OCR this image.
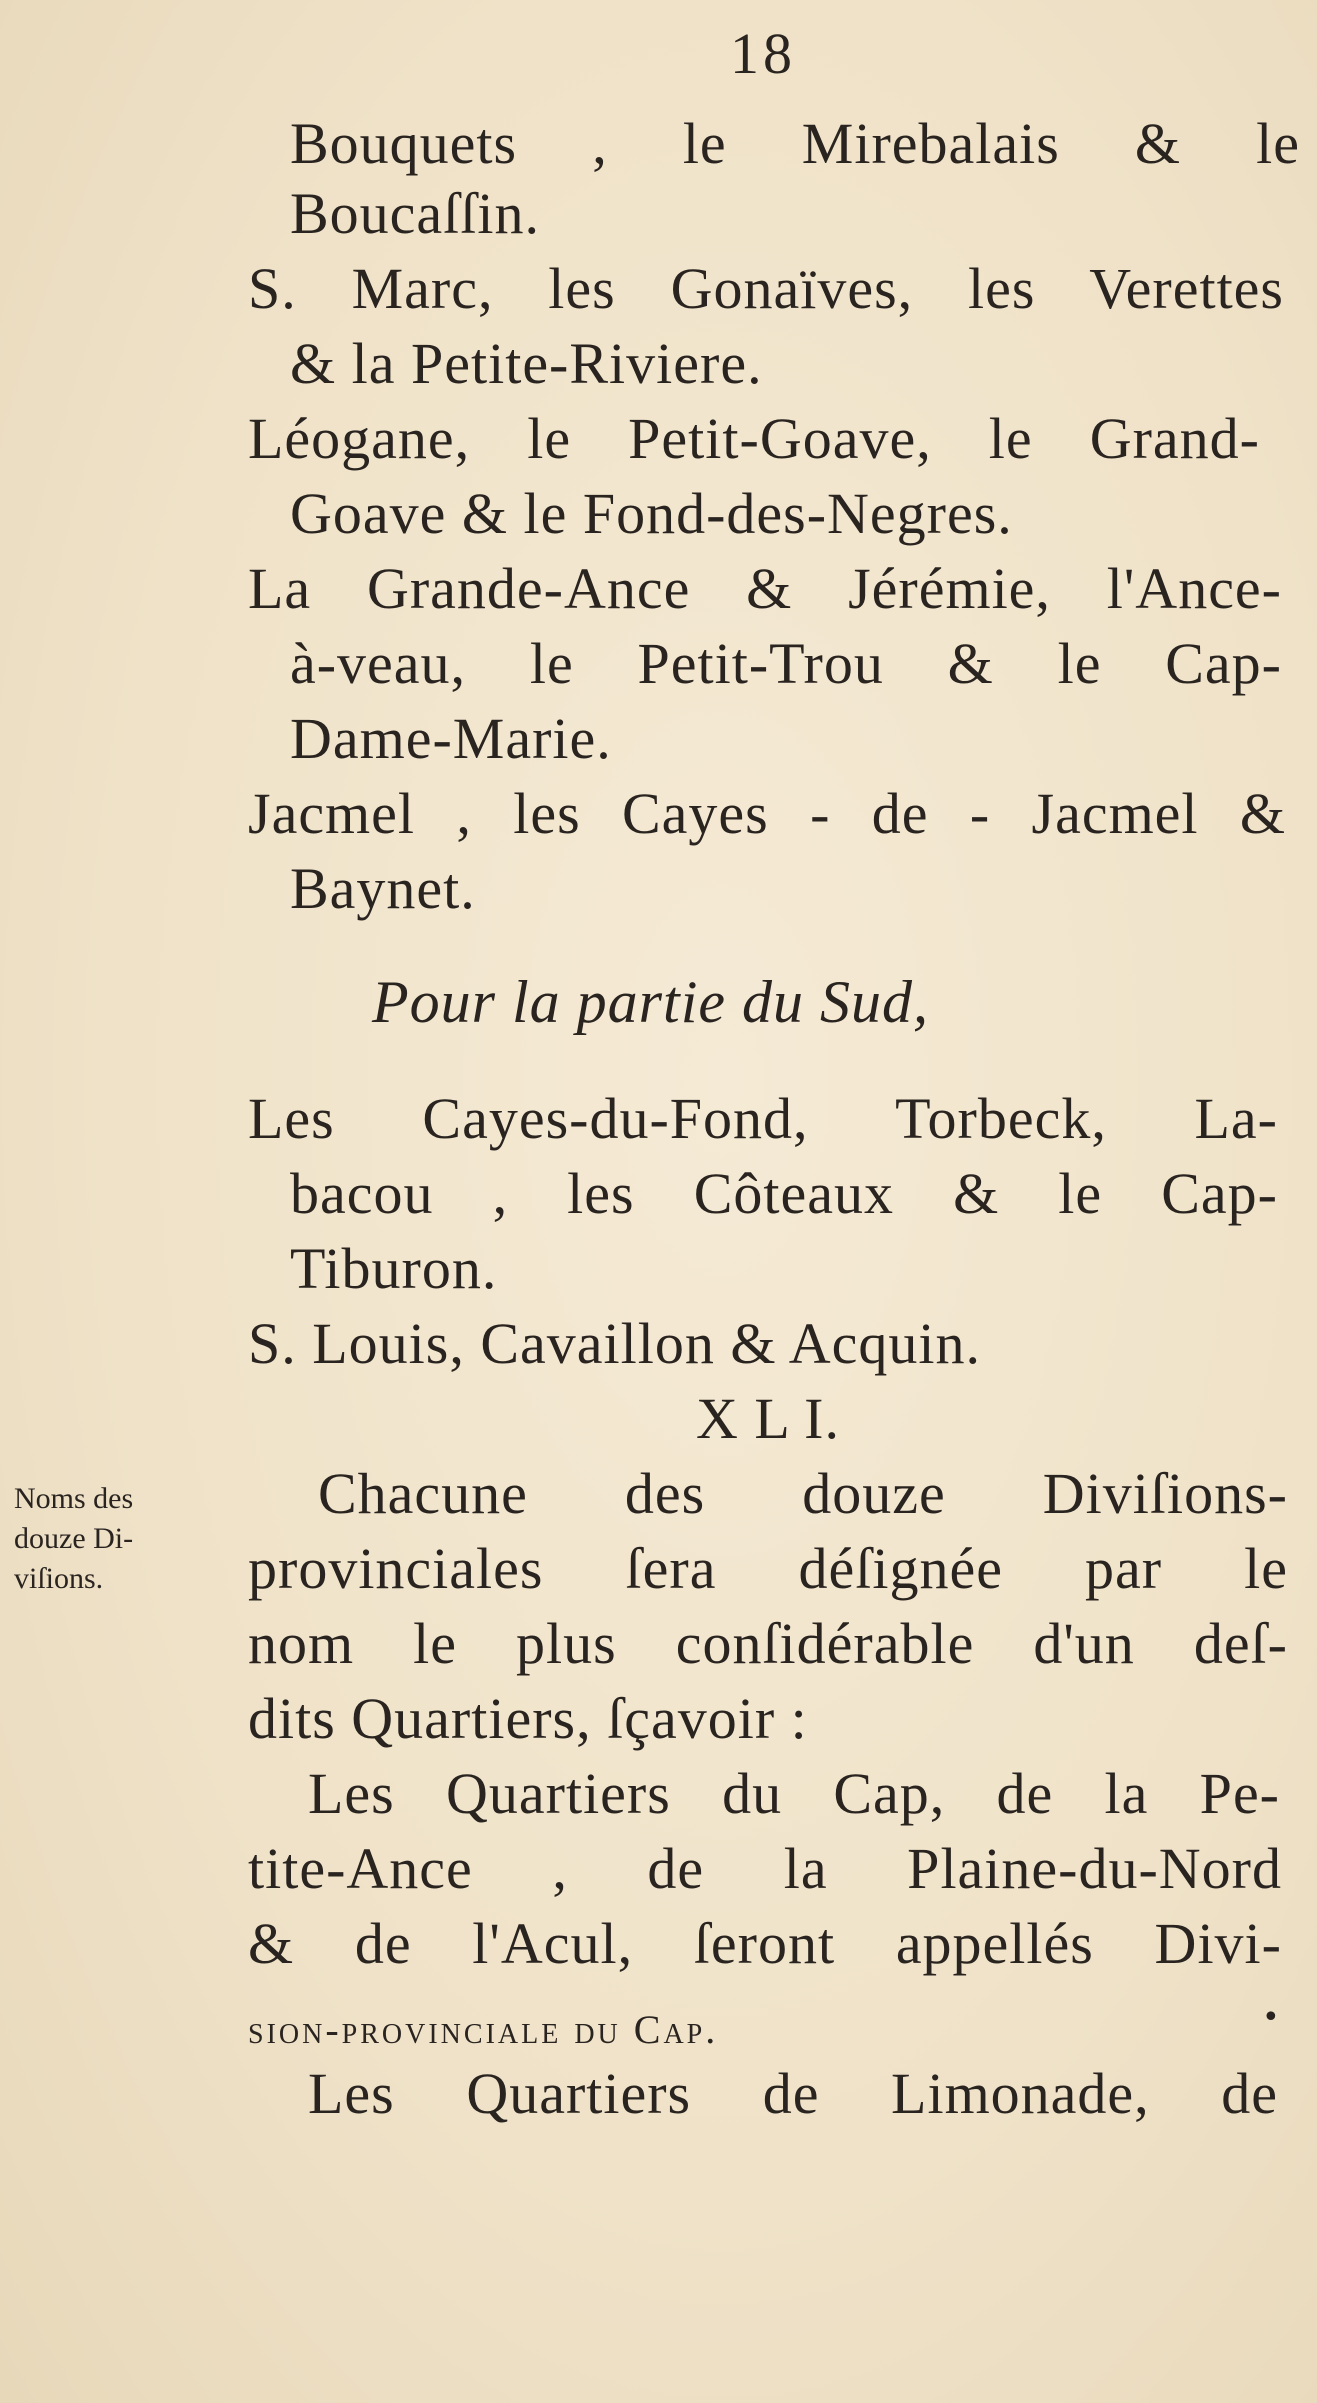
18
Bouquets , le Mirebalais & le
Boucaſſin.
S. Marc, les Gonaïves, les Verettes
& la Petite-Riviere.
Léogane, le Petit-Goave, le Grand-
Goave & le Fond-des-Negres.
La Grande-Ance & Jérémie, l'Ance-
à-veau, le Petit-Trou & le Cap-
Dame-Marie.
Jacmel , les Cayes - de - Jacmel &
Baynet.
Pour la partie du Sud,
Les Cayes-du-Fond, Torbeck, La-
bacou , les Côteaux & le Cap-
Tiburon.
S. Louis, Cavaillon & Acquin.
X L I.
Chacune des douze Diviſions-
provinciales ſera déſignée par le
nom le plus conſidérable d'un deſ-
dits Quartiers, ſçavoir :
Les Quartiers du Cap, de la Pe-
tite-Ance , de la Plaine-du-Nord
& de l'Acul, ſeront appellés Divi-
sion-provinciale du Cap.
Les Quartiers de Limonade, de
Noms des
douze Di-
viſions.
•
